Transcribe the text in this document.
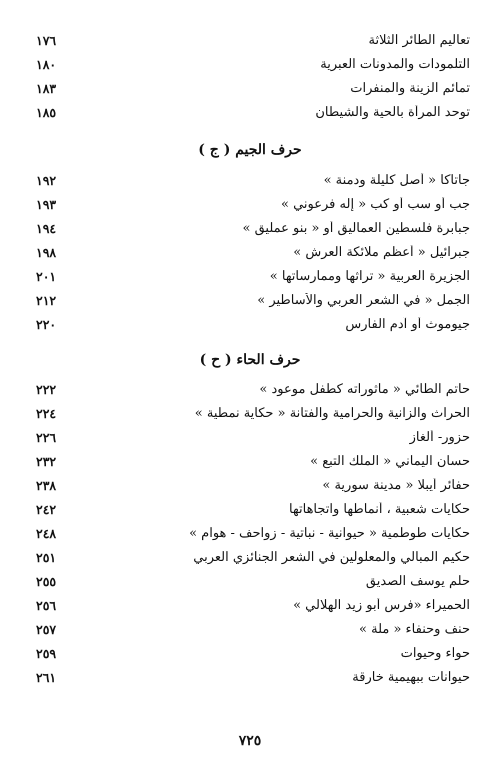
تعاليم الطائر الثلاثة
١٧٦
التلمودات والمدونات العبرية
١٨٠
تمائم الزينة والمنفرات
١٨٣
توحد المرأة بالحية والشيطان
١٨٥
حرف الجيم ( ج )
جاتاكا « أصل كليلة ودمنة »
١٩٢
جب أو سب أو كب « إله فرعوني »
١٩٣
جبابرة فلسطين العماليق أو « بنو عمليق »
١٩٤
جبرائيل « أعظم ملائكة العرش »
١٩٨
الجزيرة العربية « تراثها وممارساتها »
٢٠١
الجمل « في الشعر العربي والأساطير »
٢١٢
جيوموث أو آدم الفارس
٢٢٠
حرف الحاء ( ح )
حاتم الطائي « مأثوراته كطفل موعود »
٢٢٢
الحراث والزانية والحرامية والفتانة « حكاية نمطية »
٢٢٤
حزور- ألغاز
٢٢٦
حسان اليماني « الملك التبع »
٢٣٢
حفائر أيبلا « مدينة سورية »
٢٣٨
حكايات شعبية ، أنماطها واتجاهاتها
٢٤٢
حكايات طوطمية « حيوانية - نباتية - زواحف - هوام »
٢٤٨
حكيم المبالي والمعلولين في الشعر الجنائزي العربي
٢٥١
حلم يوسف الصديق
٢٥٥
الحميراء «فرس أبو زيد الهلالي »
٢٥٦
حنف وحنفاء « ملة »
٢٥٧
حواء وحيوات
٢٥٩
حيوانات ببهيمية خارقة
٢٦١
٧٢٥
